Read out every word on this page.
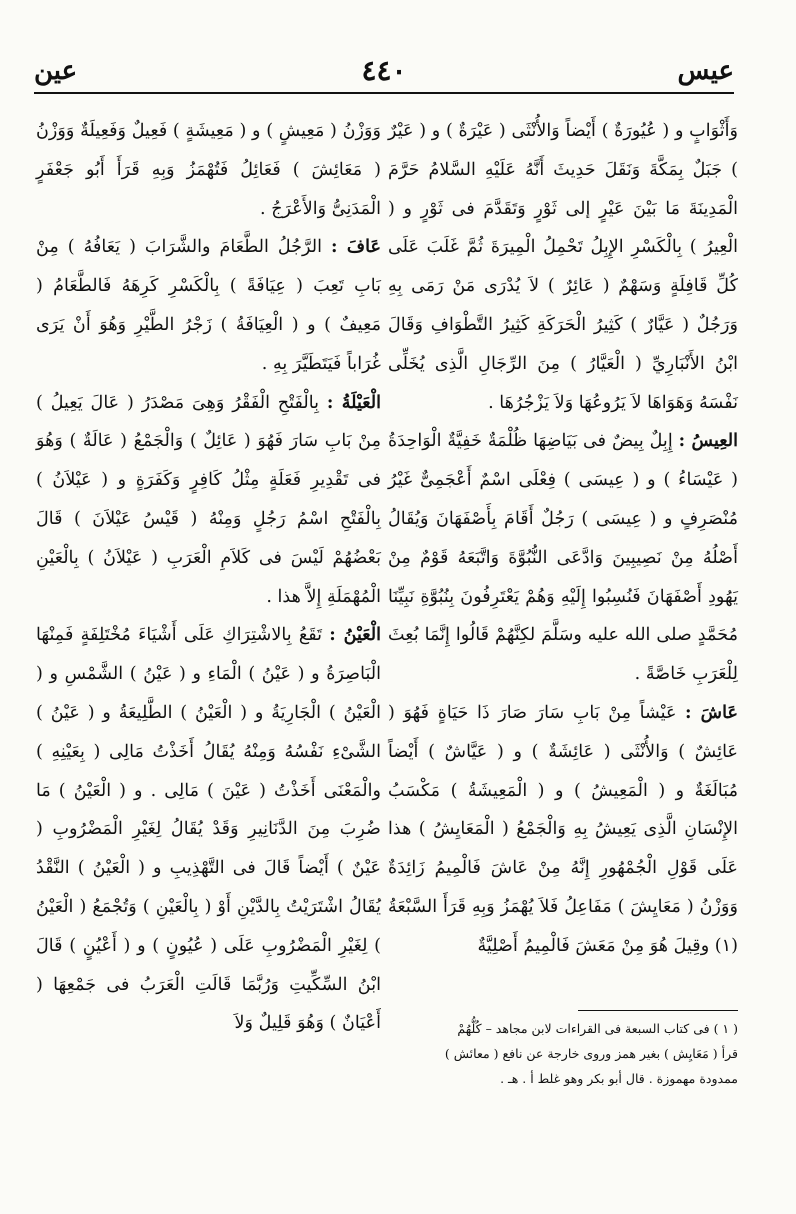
عين	٤٤٠	عيس

وَأَثْوَابٍ و ( عُيُورَةٌ ) أَيْضاً وَالأُنْثَى ( عَيْرَةٌ ) و ( عَيْرٌ ) جَبَلٌ بِمَكَّةَ وَنَقَلَ حَدِيثَ أَنَّهُ عَلَيْهِ السَّلامُ حَرَّمَ الْمَدِينَةَ مَا بَيْنَ عَيْرٍ إلى ثَوْرٍ وَتَقَدَّمَ فى ثَوْرٍ و ( الْعِيرُ ) بِالْكَسْرِ الإِبِلُ تَحْمِلُ الْمِيرَةَ ثُمَّ غَلَبَ عَلَى كُلِّ قَافِلَةٍ وَسَهْمٌ ( عَائِرٌ ) لاَ يُدْرَى مَنْ رَمَى بِهِ وَرَجُلٌ ( عَيَّارٌ ) كَثِيرُ الْحَرَكَةِ كَثِيرُ التَّطْوَافِ وَقَالَ ابْنُ الأَنْبَارِيِّ ( الْعَيَّارُ ) مِنَ الرِّجَالِ الَّذِى يُخَلِّى نَفْسَهُ وَهَوَاهَا لاَ يَرُوعُهَا وَلاَ يَزْجُرُهَا .

العِيسُ : إِبِلٌ بِيضٌ فى بَيَاضِهَا ظُلْمَةٌ خَفِيَّةٌ الْوَاحِدَةُ ( عَيْسَاءُ ) و ( عِيسَى ) فِعْلَى اسْمٌ أَعْجَمِىٌّ غَيْرُ مُنْصَرِفٍ و ( عِيسَى ) رَجُلٌ أَقَامَ بِأَصْفَهَانَ وَيُقَالُ أَصْلُهُ مِنْ نَصِيبِينَ وَادَّعَى النُّبُوَّةَ وَاتَّبَعَهُ قَوْمٌ مِنْ يَهُودِ أَصْفَهَانَ فَنُسِبُوا إِلَيْهِ وَهُمْ يَعْتَرِفُونَ بِنُبُوَّةِ نَبِيِّنَا مُحَمَّدٍ صلى الله عليه وسَلَّمَ لكِنَّهُمْ قَالُوا إِنَّمَا بُعِثَ لِلْعَرَبِ خَاصَّةً .

عَاشَ : عَيْشاً مِنْ بَابِ سَارَ صَارَ ذَا حَيَاةٍ فَهُوَ ( عَائِشٌ ) وَالأُنْثَى ( عَائِشَةٌ ) و ( عَيَّاشٌ ) أَيْضاً مُبَالَغَةٌ و ( الْمَعِيشُ ) و ( الْمَعِيشَةُ ) مَكْسَبُ الإِنْسَانِ الَّذِى يَعِيشُ بِهِ وَالْجَمْعُ ( الْمَعَايِشُ ) هذا عَلَى قَوْلِ الْجُمْهُورِ إِنَّهُ مِنْ عَاشَ فَالْمِيمُ زَائِدَةٌ وَوَزْنُ ( مَعَايِشَ ) مَفَاعِلُ فَلاَ يُهْمَزُ وَبِهِ قَرَأَ السَّبْعَةُ (١) وقِيلَ هُوَ مِنْ مَعَشَ فَالْمِيمُ أَصْلِيَّةٌ

وَوَزْنُ ( مَعِيشٍ ) و ( مَعِيشَةٍ ) فَعِيلٌ وَفَعِيلَةٌ وَوَزْنُ ( مَعَائِشَ ) فَعَائِلُ فَتُهْمَزُ وَبِهِ قَرَأَ أَبُو جَعْفَرٍ الْمَدَنِىُّ وَالأَعْرَجُ .

عَافَ : الرَّجُلُ الطَّعَامَ والشَّرَابَ ( يَعَافُهُ ) مِنْ بَابِ تَعِبَ ( عِيَافَةً ) بِالْكَسْرِ كَرِهَهُ فَالطَّعَامُ ( مَعِيفٌ ) و ( الْعِيَافَةُ ) زَجْرُ الطَّيْرِ وَهُوَ أَنْ يَرَى غُرَاباً فَيَتَطَيَّرَ بِهِ .

الْعَيْلَةُ : بِالْفَتْحِ الْفَقْرُ وَهِىَ مَصْدَرُ ( عَالَ يَعِيلُ ) مِنْ بَابِ سَارَ فَهُوَ ( عَائِلٌ ) وَالْجَمْعُ ( عَالَةٌ ) وَهُوَ فى تَقْدِيرِ فَعَلَةٍ مِثْلُ كَافِرٍ وَكَفَرَةٍ و ( عَيْلاَنُ ) بِالْفَتْحِ اسْمُ رَجُلٍ وَمِنْهُ ( قَيْسُ عَيْلاَنَ ) قَالَ بَعْضُهُمْ لَيْسَ فى كَلاَمِ الْعَرَبِ ( عَيْلاَنُ ) بِالْعَيْنِ الْمُهْمَلَةِ إِلاَّ هذا .

الْعَيْنُ : تَقَعُ بِالاشْتِرَاكِ عَلَى أَشْيَاءَ مُخْتَلِفَةٍ فَمِنْهَا الْبَاصِرَةُ و ( عَيْنُ ) الْمَاءِ و ( عَيْنُ ) الشَّمْسِ و ( الْعَيْنُ ) الْجَارِيَةُ و ( الْعَيْنُ ) الطَّلِيعَةُ و ( عَيْنُ ) الشَّىْءِ نَفْسُهُ وَمِنْهُ يُقَالُ أَخَذْتُ مَالِى ( بِعَيْنِهِ ) والْمَعْنَى أَخَذْتُ ( عَيْنَ ) مَالِى . و ( الْعَيْنُ ) مَا ضُرِبَ مِنَ الدَّنَانِيرِ وَقَدْ يُقَالُ لِغَيْرِ الْمَضْرُوبِ ( عَيْنٌ ) أَيْضاً قَالَ فى التَّهْذِيبِ و ( الْعَيْنُ ) النَّقْدُ يُقَالُ اشْتَرَيْتُ بِالدَّيْنِ أَوْ ( بِالْعَيْنِ ) وَتُجْمَعُ ( الْعَيْنُ ) لِغَيْرِ الْمَضْرُوبِ عَلَى ( عُيُونٍ ) و ( أَعْيُنٍ ) قَالَ ابْنُ السِّكِّيتِ وَرُبَّمَا قَالَتِ الْعَرَبُ فى جَمْعِهَا ( أَعْيَانٌ ) وَهُوَ قَلِيلٌ وَلاَ	( ١ ) فى كتاب السبعة فى القراءات لابن مجاهد – كُلُّهُمْ

قرأ ( مَعَايِش ) بغير همز وروى خارجة عن نافع ( معائش )

ممدودة مهموزة . قال أبو بكر وهو غلط أ . هـ .
